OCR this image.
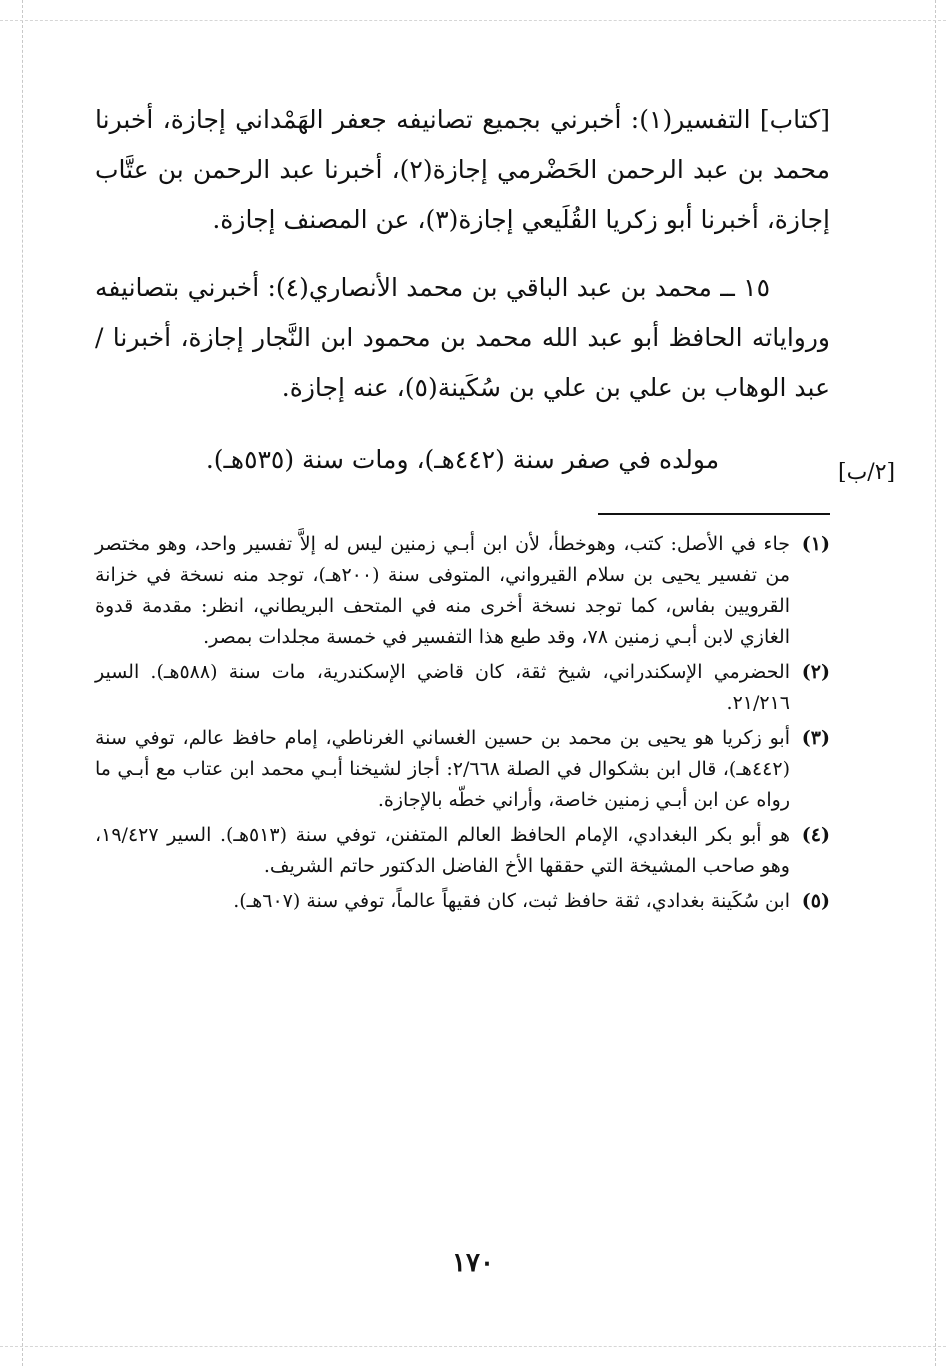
[٢/ب]

[كتاب] التفسير(١): أخبرني بجميع تصانيفه جعفر الهَمْداني إجازة، أخبرنا محمد بن عبد الرحمن الحَضْرمي إجازة(٢)، أخبرنا عبد الرحمن بن عتَّاب إجازة، أخبرنا أبو زكريا القُلَيعي إجازة(٣)، عن المصنف إجازة.

١٥ ــ محمد بن عبد الباقي بن محمد الأنصاري(٤): أخبرني بتصانيفه ورواياته الحافظ أبو عبد الله محمد بن محمود ابن النَّجار إجازة، أخبرنا / عبد الوهاب بن علي بن علي بن سُكَينة(٥)، عنه إجازة.

مولده في صفر سنة (٤٤٢هـ)، ومات سنة (٥٣٥هـ).
(١)
جاء في الأصل: كتب، وهوخطأ، لأن ابن أبـي زمنين ليس له إلاَّ تفسير واحد، وهو مختصر من تفسير يحيى بن سلام القيرواني، المتوفى سنة (٢٠٠هـ)، توجد منه نسخة في خزانة القرويين بفاس، كما توجد نسخة أخرى منه في المتحف البريطاني، انظر: مقدمة قدوة الغازي لابن أبـي زمنين ٧٨، وقد طبع هذا التفسير في خمسة مجلدات بمصر.
(٢)
الحضرمي الإسكندراني، شيخ ثقة، كان قاضي الإسكندرية، مات سنة (٥٨٨هـ). السير ٢١/٢١٦.
(٣)
أبو زكريا هو يحيى بن محمد بن حسين الغساني الغرناطي، إمام حافظ عالم، توفي سنة (٤٤٢هـ)، قال ابن بشكوال في الصلة ٢/٦٦٨: أجاز لشيخنا أبـي محمد ابن عتاب مع أبـي ما رواه عن ابن أبـي زمنين خاصة، وأراني خطّه بالإجازة.
(٤)
هو أبو بكر البغدادي، الإمام الحافظ العالم المتفنن، توفي سنة (٥١٣هـ). السير ١٩/٤٢٧، وهو صاحب المشيخة التي حققها الأخ الفاضل الدكتور حاتم الشريف.
(٥)
ابن سُكَينة بغدادي، ثقة حافظ ثبت، كان فقيهاً عالماً، توفي سنة (٦٠٧هـ).
١٧٠
